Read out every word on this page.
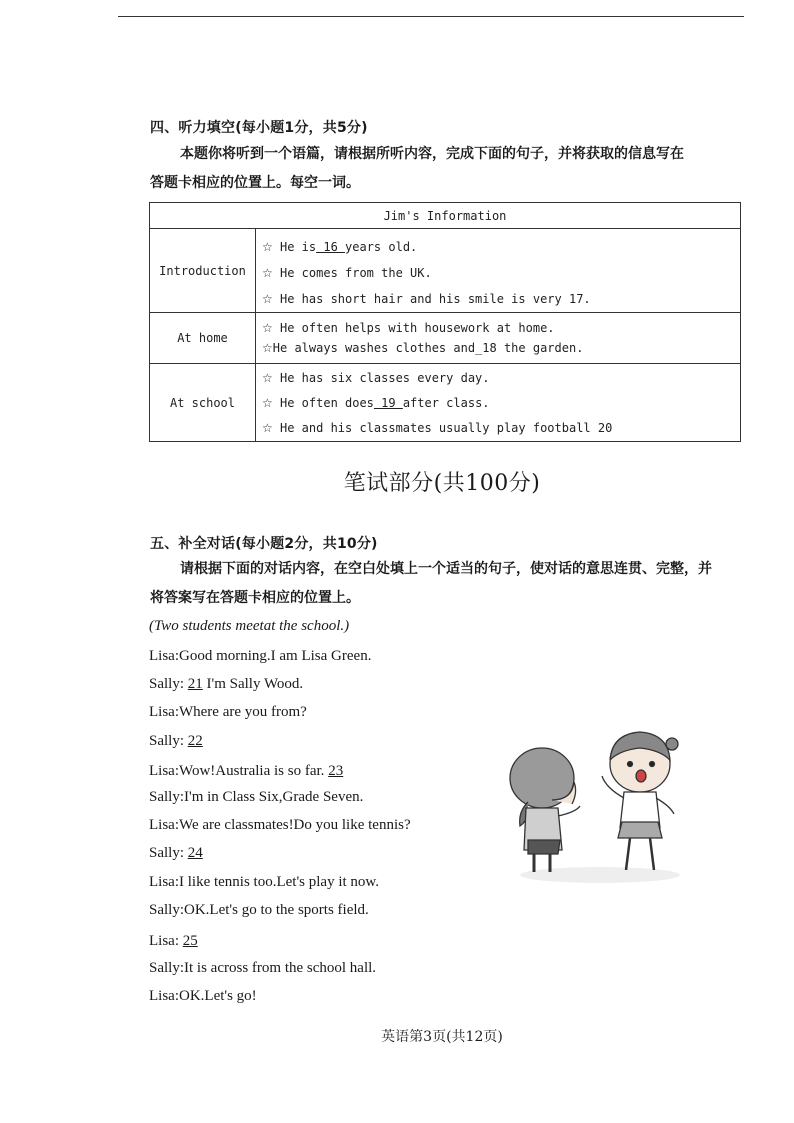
四、听力填空(每小题1分，共5分)
本题你将听到一个语篇，请根据所听内容，完成下面的句子，并将获取的信息写在
答题卡相应的位置上。每空一词。
Jim's Information	
Introduction	☆ He is 16 years old.
☆ He comes from the UK.
☆ He has short hair and his smile is very 17.

At home	☆ He often helps with housework at home.
☆He always washes clothes and_18 the garden.

At school	☆ He has six classes every day.
☆ He often does 19 after class.
☆ He and his classmates usually play football 20
笔试部分(共100分)
五、补全对话(每小题2分，共10分)
请根据下面的对话内容，在空白处填上一个适当的句子，使对话的意思连贯、完整，并
将答案写在答题卡相应的位置上。
(Two students meetat the school.)
Lisa:Good morning.I am Lisa Green.
Sally: 21 I'm Sally Wood.
Lisa:Where are you from?
Sally: 22
Lisa:Wow!Australia is so far. 23
Sally:I'm in Class Six,Grade Seven.
Lisa:We are classmates!Do you like tennis?
Sally: 24
Lisa:I like tennis too.Let's play it now.
Sally:OK.Let's go to the sports field.
Lisa: 25
Sally:It is across from the school hall.
Lisa:OK.Let's go!
英语第3页(共12页)
